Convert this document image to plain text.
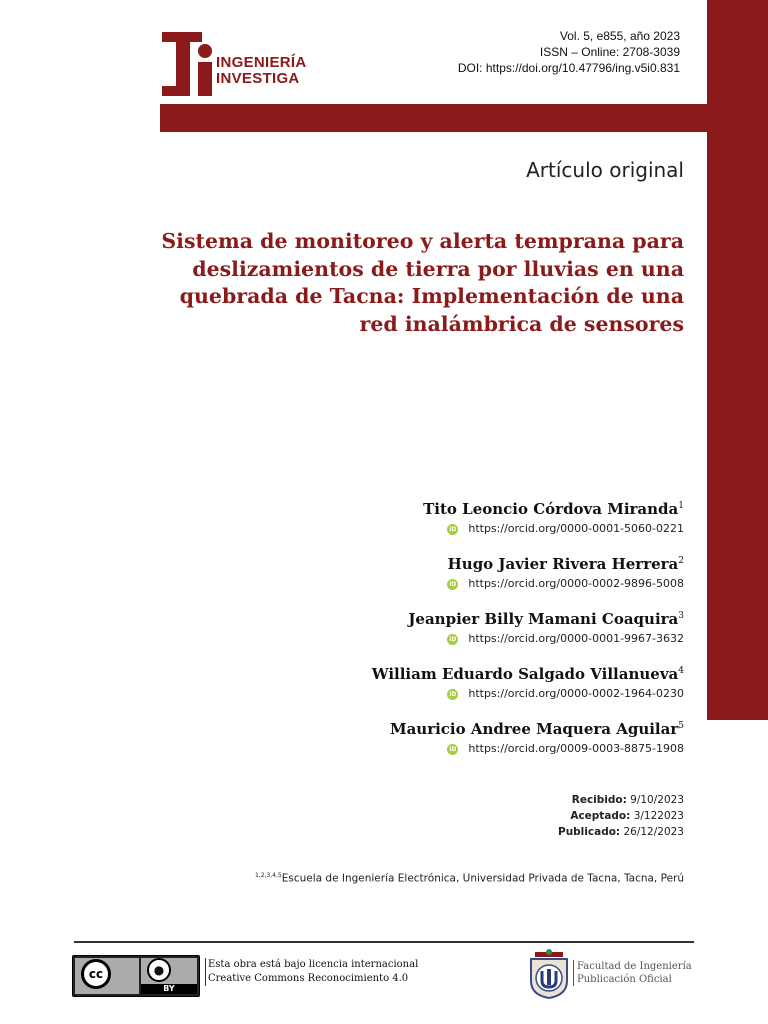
INGENIERÍA
INVESTIGA
Vol. 5, e855, año 2023
ISSN – Online: 2708-3039
DOI: https://doi.org/10.47796/ing.v5i0.831
Artículo original
Sistema de monitoreo y alerta temprana para deslizamientos de tierra por lluvias en una quebrada de Tacna: Implementación de una red inalámbrica de sensores
Tito Leoncio Córdova Miranda$^1$
iD https://orcid.org/0000-0001-5060-0221
Hugo Javier Rivera Herrera$^2$
iD https://orcid.org/0000-0002-9896-5008
Jeanpier Billy Mamani Coaquira$^3$
iD https://orcid.org/0000-0001-9967-3632
William Eduardo Salgado Villanueva$^4$
iD https://orcid.org/0000-0002-1964-0230
Mauricio Andree Maquera Aguilar$^5$
iD https://orcid.org/0009-0003-8875-1908
Recibido: 9/10/2023
Aceptado: 3/122023
Publicado: 26/12/2023
$^{1,2,3,4,5}$Escuela de Ingeniería Electrónica, Universidad Privada de Tacna, Tacna, Perú
cc	●
BY
Esta obra está bajo licencia internacional
Creative Commons Reconocimiento 4.0
Facultad de Ingeniería
Publicación Oficial
